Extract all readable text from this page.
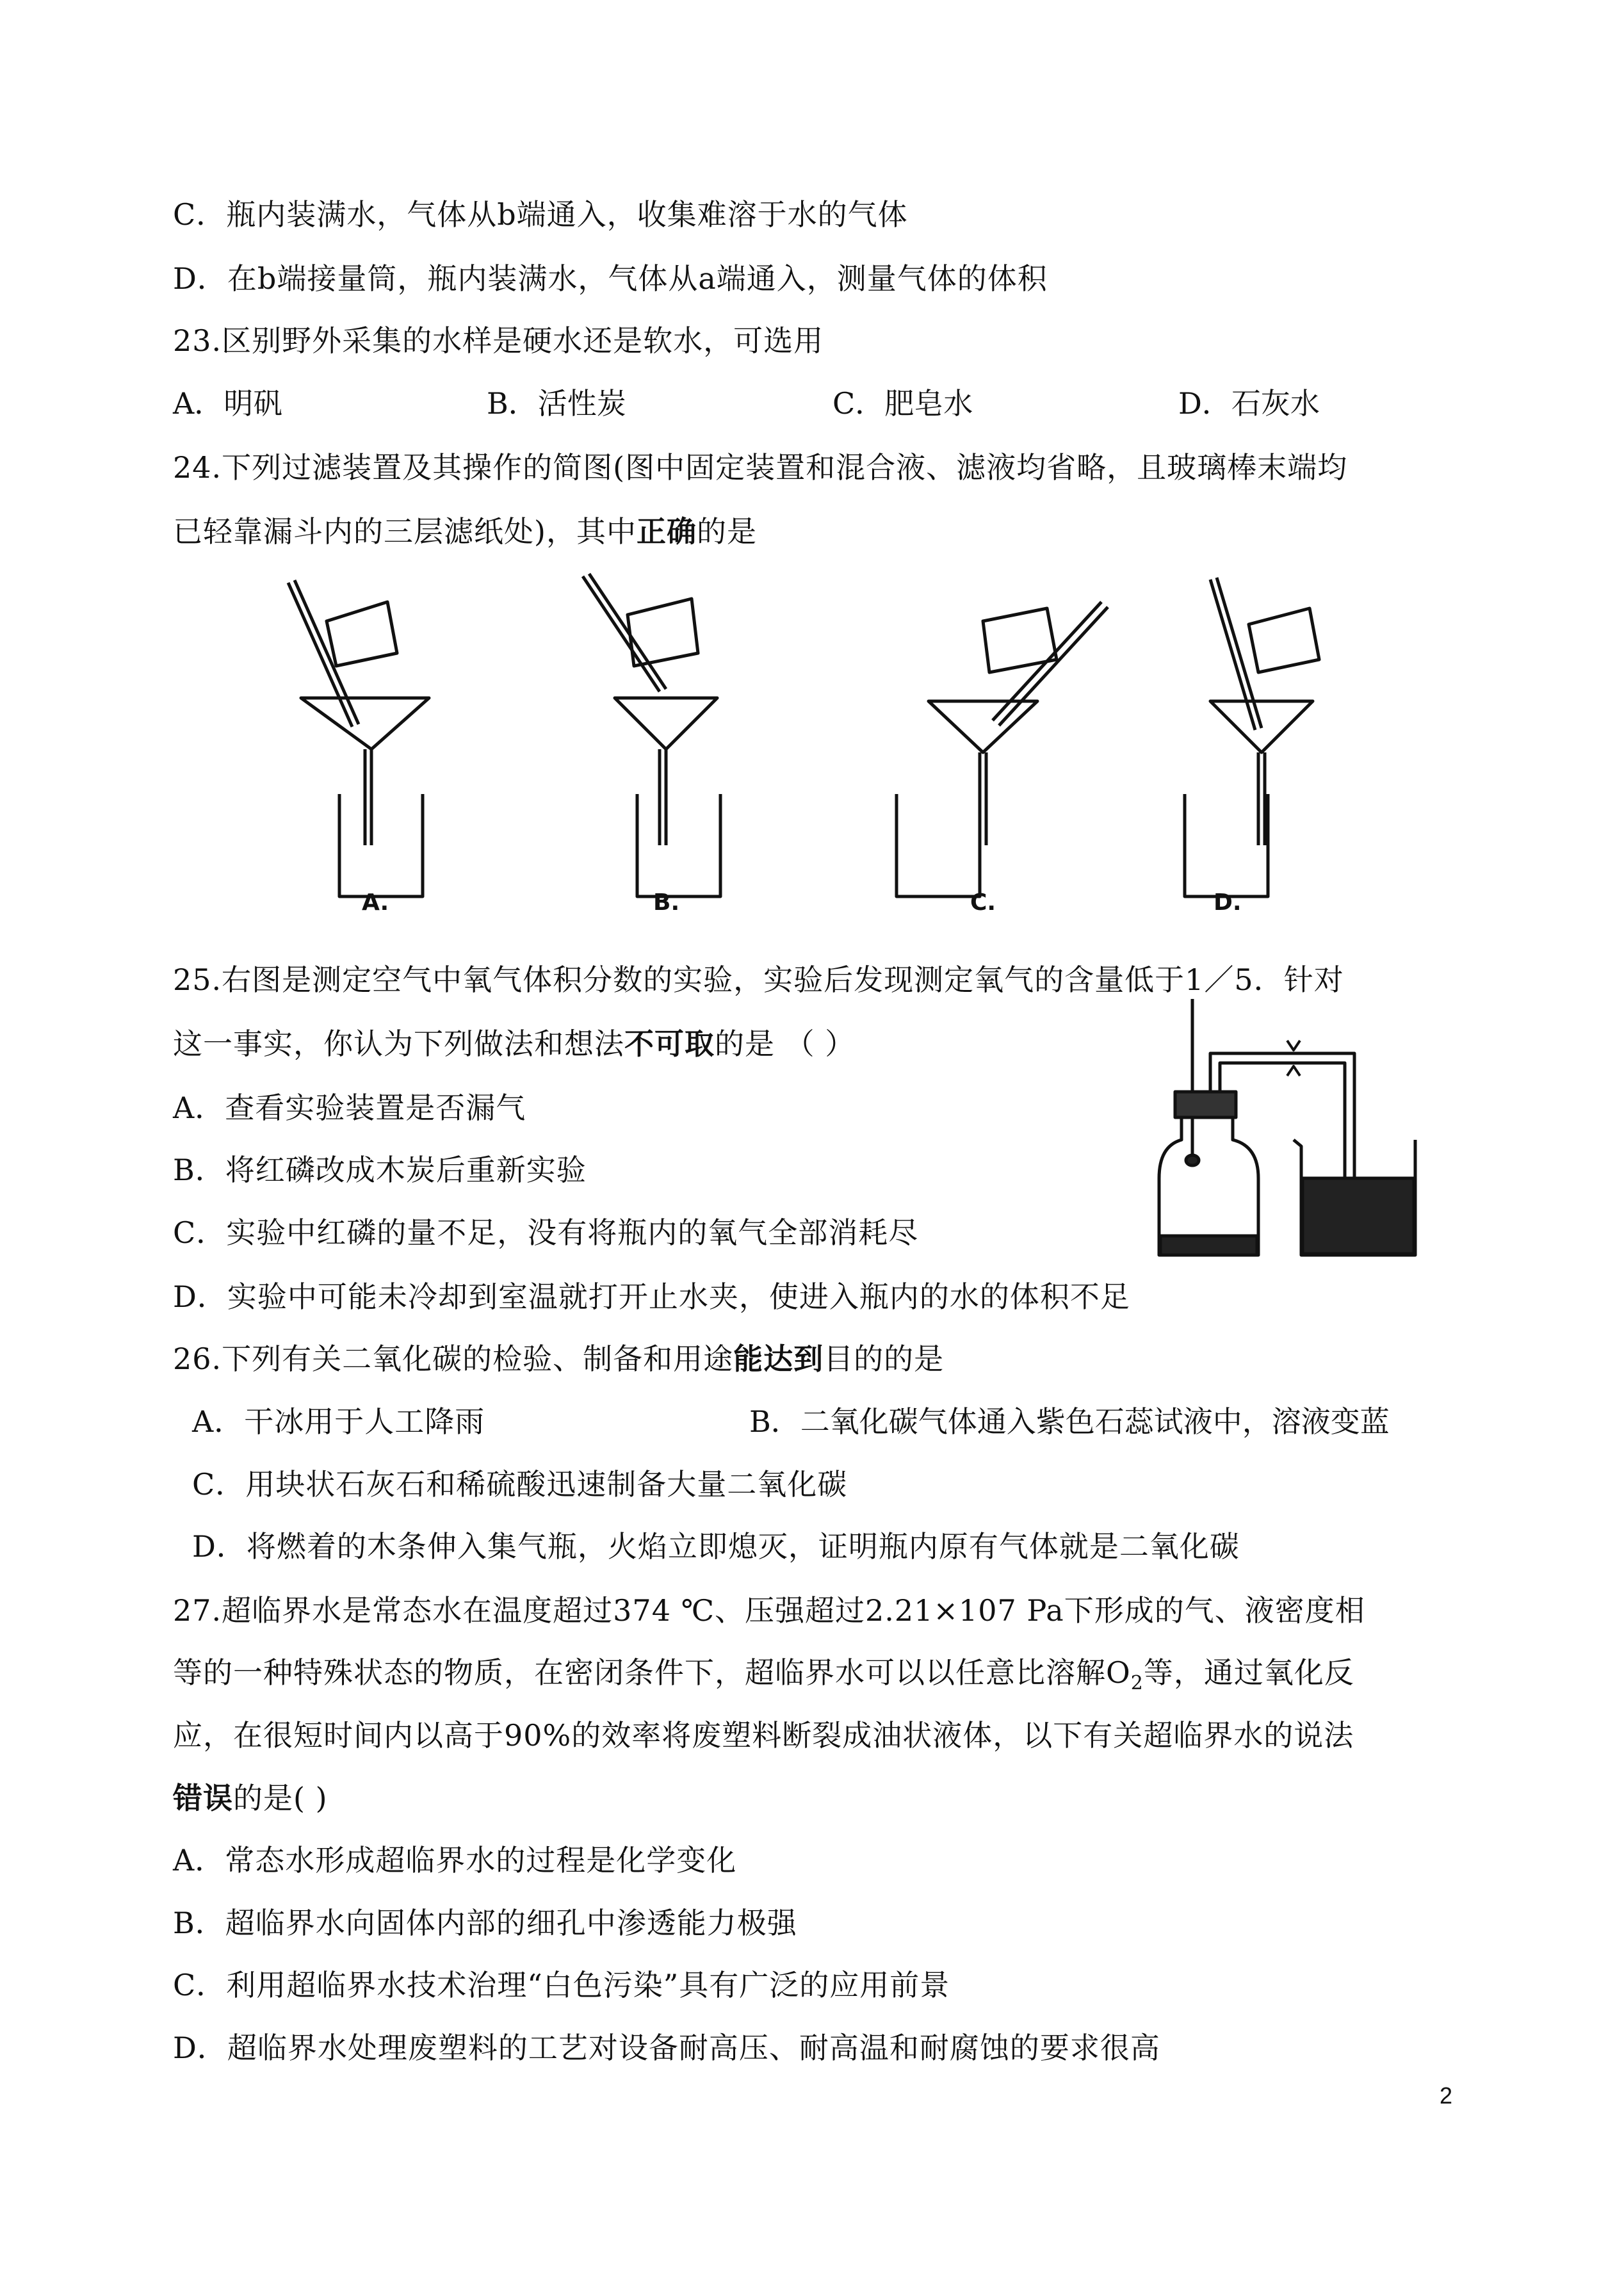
C．瓶内装满水，气体从b端通入，收集难溶于水的气体
D．在b端接量筒，瓶内装满水，气体从a端通入，测量气体的体积
23.区别野外采集的水样是硬水还是软水，可选用
A．明矾	B．活性炭	C．肥皂水	D．石灰水
24.下列过滤装置及其操作的简图(图中固定装置和混合液、滤液均省略，且玻璃棒末端均
已轻靠漏斗内的三层滤纸处)，其中正确的是
A.	B.	C.	D.
25.右图是测定空气中氧气体积分数的实验，实验后发现测定氧气的含量低于1／5．针对
这一事实，你认为下列做法和想法不可取的是 （ ）
A．查看实验装置是否漏气
B．将红磷改成木炭后重新实验
C．实验中红磷的量不足，没有将瓶内的氧气全部消耗尽
D．实验中可能未冷却到室温就打开止水夹，使进入瓶内的水的体积不足
26.下列有关二氧化碳的检验、制备和用途能达到目的的是
A．干冰用于人工降雨	B．二氧化碳气体通入紫色石蕊试液中，溶液变蓝
C．用块状石灰石和稀硫酸迅速制备大量二氧化碳
D．将燃着的木条伸入集气瓶，火焰立即熄灭，证明瓶内原有气体就是二氧化碳
27.超临界水是常态水在温度超过374 ℃、压强超过2.21×107 Pa下形成的气、液密度相
等的一种特殊状态的物质，在密闭条件下，超临界水可以以任意比溶解$O_2$等，通过氧化反
应，在很短时间内以高于90%的效率将废塑料断裂成油状液体，以下有关超临界水的说法
错误的是( )
A．常态水形成超临界水的过程是化学变化
B．超临界水向固体内部的细孔中渗透能力极强
C．利用超临界水技术治理“白色污染”具有广泛的应用前景
D．超临界水处理废塑料的工艺对设备耐高压、耐高温和耐腐蚀的要求很高
2
